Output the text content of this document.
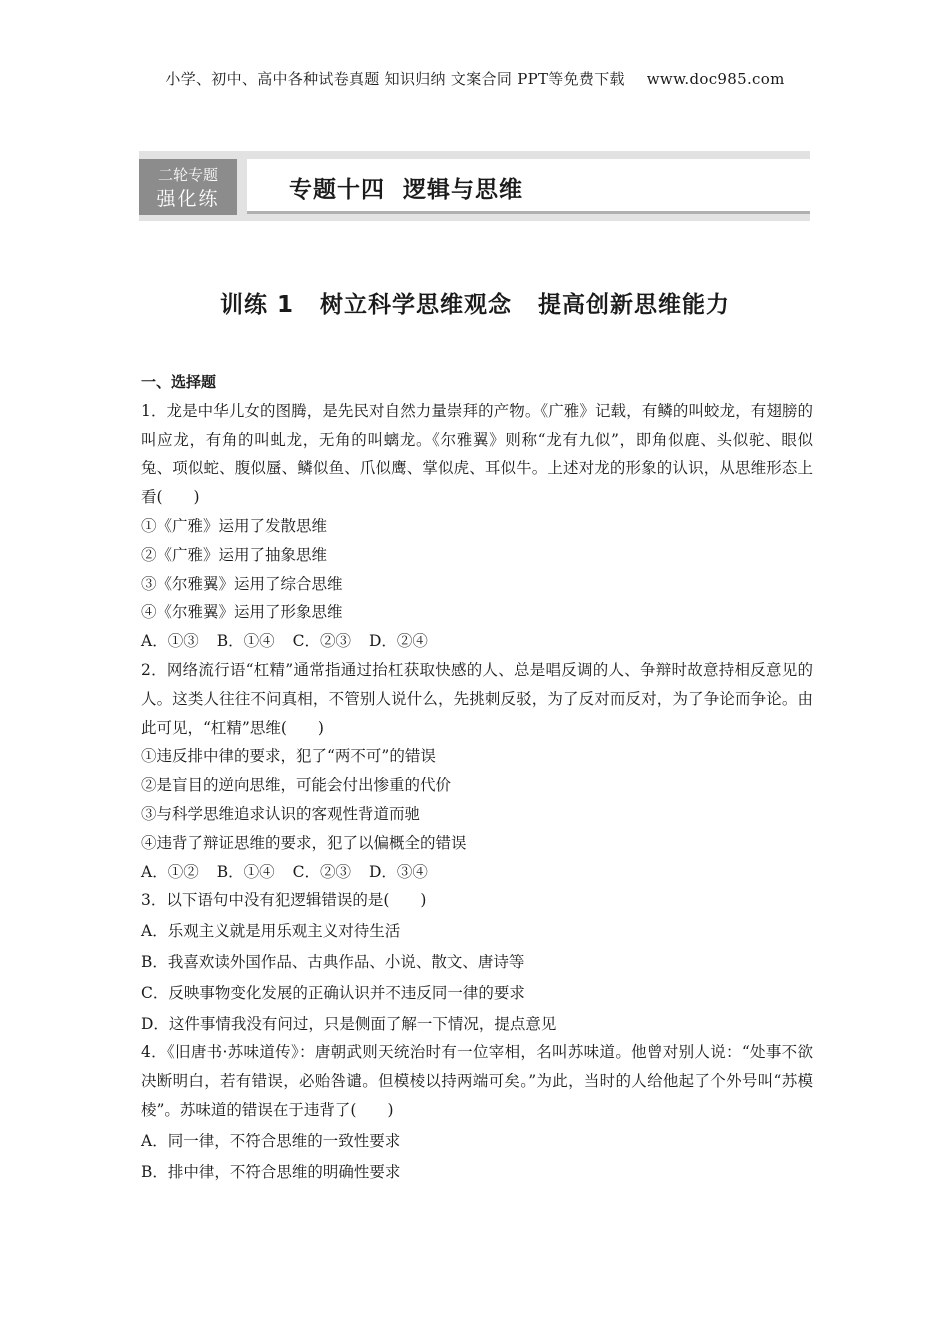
小学、初中、高中各种试卷真题 知识归纳 文案合同 PPT等免费下载 www.doc985.com
二轮专题
强化练	专题十四  逻辑与思维
训练 1 树立科学思维观念 提高创新思维能力
一、选择题

1．龙是中华儿女的图腾，是先民对自然力量崇拜的产物。《广雅》记载，有鳞的叫蛟龙，有翅膀的叫应龙，有角的叫虬龙，无角的叫螭龙。《尔雅翼》则称“龙有九似”，即角似鹿、头似驼、眼似兔、项似蛇、腹似蜃、鳞似鱼、爪似鹰、掌似虎、耳似牛。上述对龙的形象的认识，从思维形态上看(　　)

①《广雅》运用了发散思维

②《广雅》运用了抽象思维

③《尔雅翼》运用了综合思维

④《尔雅翼》运用了形象思维

A．①③ B．①④ C．②③ D．②④

2．网络流行语“杠精”通常指通过抬杠获取快感的人、总是唱反调的人、争辩时故意持相反意见的人。这类人往往不问真相，不管别人说什么，先挑刺反驳，为了反对而反对，为了争论而争论。由此可见，“杠精”思维(　　)

①违反排中律的要求，犯了“两不可”的错误

②是盲目的逆向思维，可能会付出惨重的代价

③与科学思维追求认识的客观性背道而驰

④违背了辩证思维的要求，犯了以偏概全的错误

A．①② B．①④ C．②③ D．③④

3．以下语句中没有犯逻辑错误的是(　　)

A．乐观主义就是用乐观主义对待生活

B．我喜欢读外国作品、古典作品、小说、散文、唐诗等

C．反映事物变化发展的正确认识并不违反同一律的要求

D．这件事情我没有问过，只是侧面了解一下情况，提点意见

4．《旧唐书·苏味道传》：唐朝武则天统治时有一位宰相，名叫苏味道。他曾对别人说：“处事不欲决断明白，若有错误，必贻咎谴。但模棱以持两端可矣。”为此，当时的人给他起了个外号叫“苏模棱”。苏味道的错误在于违背了(　　)

A．同一律，不符合思维的一致性要求

B．排中律，不符合思维的明确性要求
